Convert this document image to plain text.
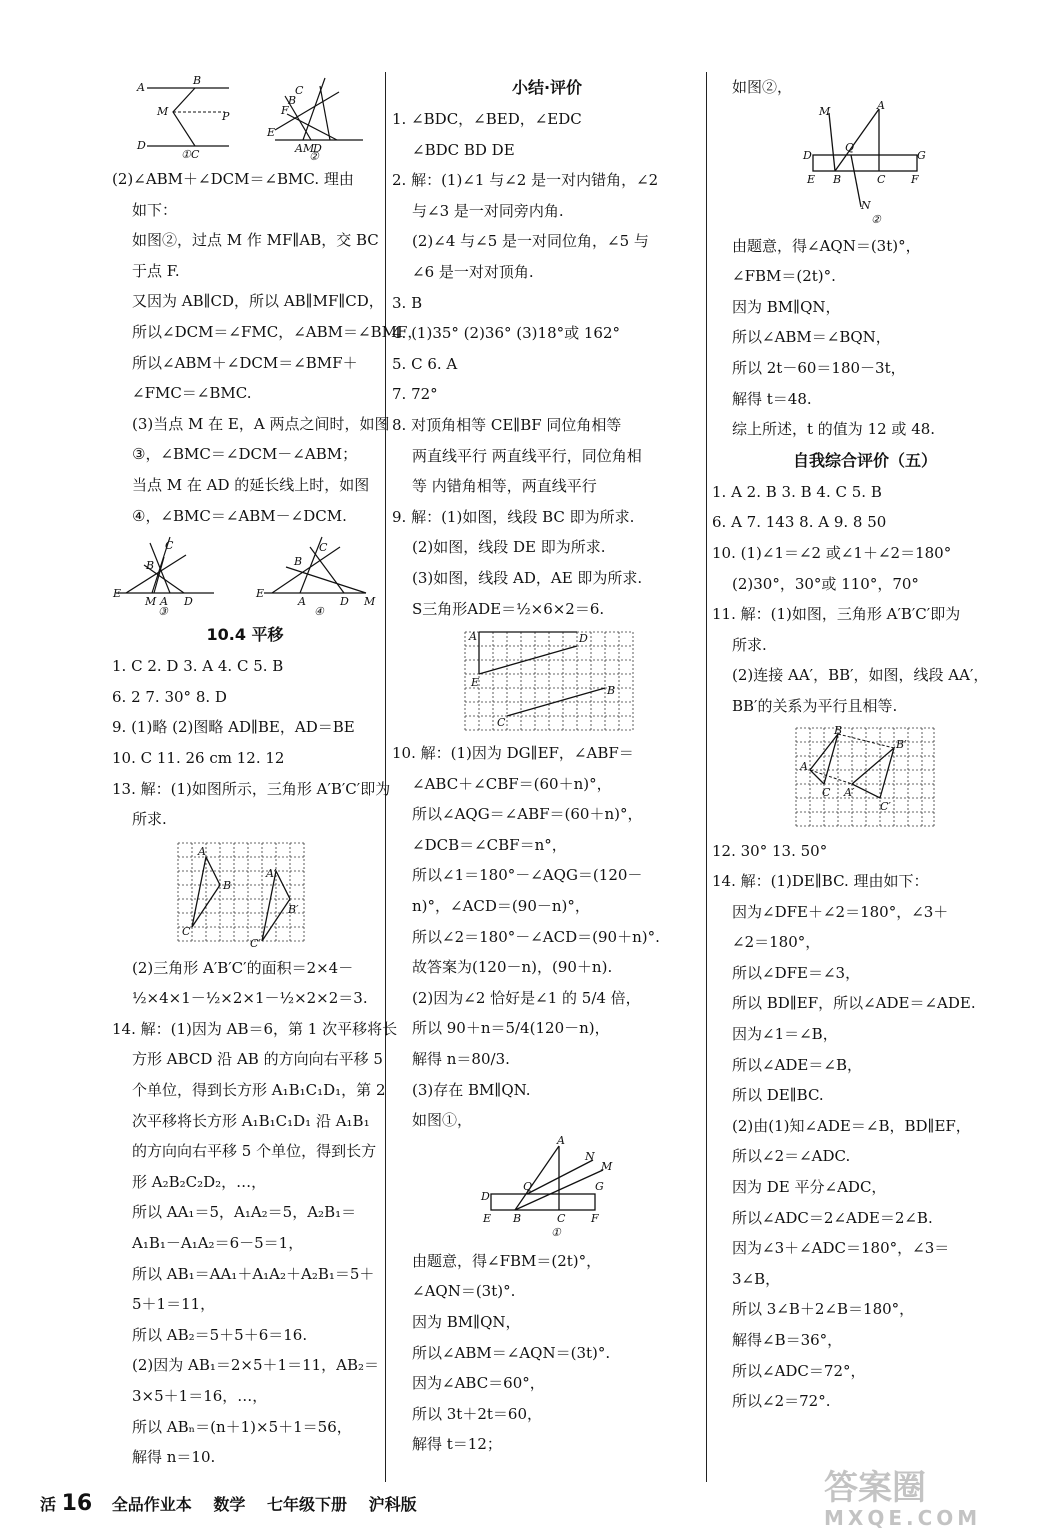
A
B
M	P
D
C
E
A M
D
B
C
F
①	②
(2)∠ABM＋∠DCM＝∠BMC. 理由
如下：
如图②，过点 M 作 MF∥AB，交 BC
于点 F.
又因为 AB∥CD，所以 AB∥MF∥CD，
所以∠DCM＝∠FMC，∠ABM＝∠BMF，
所以∠ABM＋∠DCM＝∠BMF＋
∠FMC＝∠BMC.
(3)当点 M 在 E，A 两点之间时，如图
③，∠BMC＝∠DCM－∠ABM；
当点 M 在 AD 的延长线上时，如图
④，∠BMC＝∠ABM－∠DCM.
C
B
E
M A D
C
B
E
A	D M
③	④
10.4 平移
1. C 2. D 3. A 4. C 5. B
6. 2 7. 30° 8. D
9. (1)略 (2)图略 AD∥BE，AD＝BE
10. C 11. 26 cm 12. 12
13. 解：(1)如图所示，三角形 A′B′C′即为
所求.
A
B
C
A′
B′
C′
(2)三角形 A′B′C′的面积＝2×4－
½×4×1－½×2×1－½×2×2＝3.
14. 解：(1)因为 AB＝6，第 1 次平移将长
方形 ABCD 沿 AB 的方向向右平移 5
个单位，得到长方形 A₁B₁C₁D₁，第 2
次平移将长方形 A₁B₁C₁D₁ 沿 A₁B₁
的方向向右平移 5 个单位，得到长方
形 A₂B₂C₂D₂，…，
所以 AA₁＝5，A₁A₂＝5，A₂B₁＝
A₁B₁－A₁A₂＝6－5＝1，
所以 AB₁＝AA₁＋A₁A₂＋A₂B₁＝5＋
5＋1＝11，
所以 AB₂＝5＋5＋6＝16.
(2)因为 AB₁＝2×5＋1＝11，AB₂＝
3×5＋1＝16，…，
所以 ABₙ＝(n＋1)×5＋1＝56，
解得 n＝10.
小结·评价
1. ∠BDC，∠BED，∠EDC
∠BDC BD DE
2. 解：(1)∠1 与∠2 是一对内错角，∠2
与∠3 是一对同旁内角.
(2)∠4 与∠5 是一对同位角，∠5 与
∠6 是一对对顶角.
3. B
4. (1)35° (2)36° (3)18°或 162°
5. C 6. A
7. 72°
8. 对顶角相等 CE∥BF 同位角相等
两直线平行 两直线平行，同位角相
等 内错角相等，两直线平行
9. 解：(1)如图，线段 BC 即为所求.
(2)如图，线段 DE 即为所求.
(3)如图，线段 AD，AE 即为所求.
S三角形ADE＝½×6×2＝6.
A	D
E
B
C
10. 解：(1)因为 DG∥EF，∠ABF＝
∠ABC＋∠CBF＝(60＋n)°，
所以∠AQG＝∠ABF＝(60＋n)°，
∠DCB＝∠CBF＝n°，
所以∠1＝180°－∠AQG＝(120－
n)°，∠ACD＝(90－n)°，
所以∠2＝180°－∠ACD＝(90＋n)°.
故答案为(120－n)，(90＋n).
(2)因为∠2 恰好是∠1 的 5/4 倍，
所以 90＋n＝5/4(120－n)，
解得 n＝80/3.
(3)存在 BM∥QN.
如图①，
A
N
M
D
Q	G
E B	C F
①
由题意，得∠FBM＝(2t)°，
∠AQN＝(3t)°.
因为 BM∥QN，
所以∠ABM＝∠AQN＝(3t)°.
因为∠ABC＝60°，
所以 3t＋2t＝60，
解得 t＝12；
如图②，
M	A
D
Q
G
E B	C F
N
②
由题意，得∠AQN＝(3t)°，
∠FBM＝(2t)°.
因为 BM∥QN，
所以∠ABM＝∠BQN，
所以 2t－60＝180－3t，
解得 t＝48.
综上所述，t 的值为 12 或 48.
自我综合评价（五）
1. A 2. B 3. B 4. C 5. B
6. A 7. 143 8. A 9. 8 50
10. (1)∠1＝∠2 或∠1＋∠2＝180°
(2)30°，30°或 110°，70°
11. 解：(1)如图，三角形 A′B′C′即为
所求.
(2)连接 AA′，BB′，如图，线段 AA′，
BB′的关系为平行且相等.
B
B′
A
A′
C
C′
12. 30° 13. 50°
14. 解：(1)DE∥BC. 理由如下：
因为∠DFE＋∠2＝180°，∠3＋
∠2＝180°，
所以∠DFE＝∠3，
所以 BD∥EF，所以∠ADE＝∠ADE.
因为∠1＝∠B，
所以∠ADE＝∠B，
所以 DE∥BC.
(2)由(1)知∠ADE＝∠B，BD∥EF，
所以∠2＝∠ADC.
因为 DE 平分∠ADC，
所以∠ADC＝2∠ADE＝2∠B.
因为∠3＋∠ADC＝180°，∠3＝
3∠B，
所以 3∠B＋2∠B＝180°，
解得∠B＝36°，
所以∠ADC＝72°，
所以∠2＝72°.
活 16 全品作业本 数学 七年级下册 沪科版	答案圈
MXQE.COM
